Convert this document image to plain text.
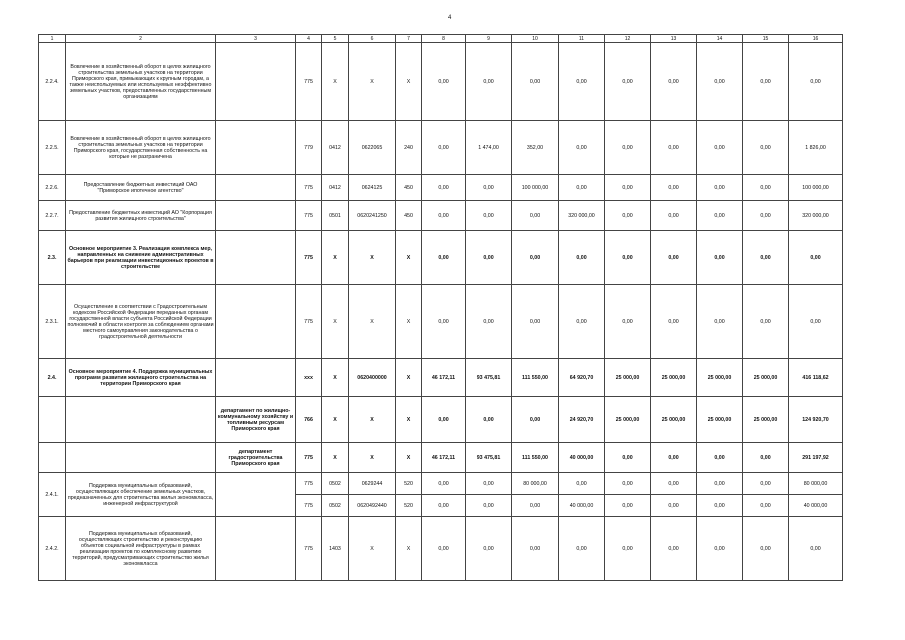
4
1	2	3	4	5	6	7	8	9	10	11	12	13	14	15	16
2.2.4.	Вовлечение в хозяйственный оборот в целях жилищного строительства земельных участков на территории Приморского края, примыкающих к крупным городам, а также неиспользуемых или используемых неэффективно земельных участков, предоставленных государственным организациям		775	Х	Х	Х	0,00	0,00	0,00	0,00	0,00	0,00	0,00	0,00	0,00
2.2.5.	Вовлечение в хозяйственный оборот в целях жилищного строительства земельных участков на территории Приморского края, государственная собственность на которые не разграничена		779	0412	0622065	240	0,00	1 474,00	352,00	0,00	0,00	0,00	0,00	0,00	1 826,00
2.2.6.	Предоставление бюджетных инвестиций ОАО "Приморское ипотечное агентство"		775	0412	0624125	450	0,00	0,00	100 000,00	0,00	0,00	0,00	0,00	0,00	100 000,00
2.2.7.	Предоставление бюджетных инвестиций АО "Корпорация развития жилищного строительства"		775	0501	0620241250	450	0,00	0,00	0,00	320 000,00	0,00	0,00	0,00	0,00	320 000,00
2.3.	Основное мероприятие 3. Реализация комплекса мер, направленных на снижение административных барьеров при реализации инвестиционных проектов в строительстве		775	Х	Х	Х	0,00	0,00	0,00	0,00	0,00	0,00	0,00	0,00	0,00
2.3.1.	Осуществление в соответствии с Градостроительным кодексом Российской Федерации переданных органам государственной власти субъекта Российской Федерации полномочий в области контроля за соблюдением органами местного самоуправления законодательства о градостроительной деятельности		775	Х	Х	Х	0,00	0,00	0,00	0,00	0,00	0,00	0,00	0,00	0,00
2.4.	Основное мероприятие 4. Поддержка муниципальных программ развития жилищного строительства на территории Приморского края		ххх	Х	0620400000	Х	46 172,11	93 475,81	111 550,00	64 920,70	25 000,00	25 000,00	25 000,00	25 000,00	416 118,62
		департамент по жилищно-коммунальному хозяйству и топливным ресурсам Приморского края	766	Х	Х	Х	0,00	0,00	0,00	24 920,70	25 000,00	25 000,00	25 000,00	25 000,00	124 920,70
		департамент градостроительства Приморского края	775	Х	Х	Х	46 172,11	93 475,81	111 550,00	40 000,00	0,00	0,00	0,00	0,00	291 197,92
2.4.1.	Поддержка муниципальных образований, осуществляющих обеспечение земельных участков, предназначенных для строительства жилья экономкласса, инженерной инфраструктурой		775	0502	0629244	520	0,00	0,00	80 000,00	0,00	0,00	0,00	0,00	0,00	80 000,00
			775	0502	0620492440	520	0,00	0,00	0,00	40 000,00	0,00	0,00	0,00	0,00	40 000,00
2.4.2.	Поддержка муниципальных образований, осуществляющих строительство и реконструкцию объектов социальной инфраструктуры в рамках реализации проектов по комплексному развитию территорий, предусматривающих строительство жилья экономкласса		775	1403	Х	Х	0,00	0,00	0,00	0,00	0,00	0,00	0,00	0,00	0,00
